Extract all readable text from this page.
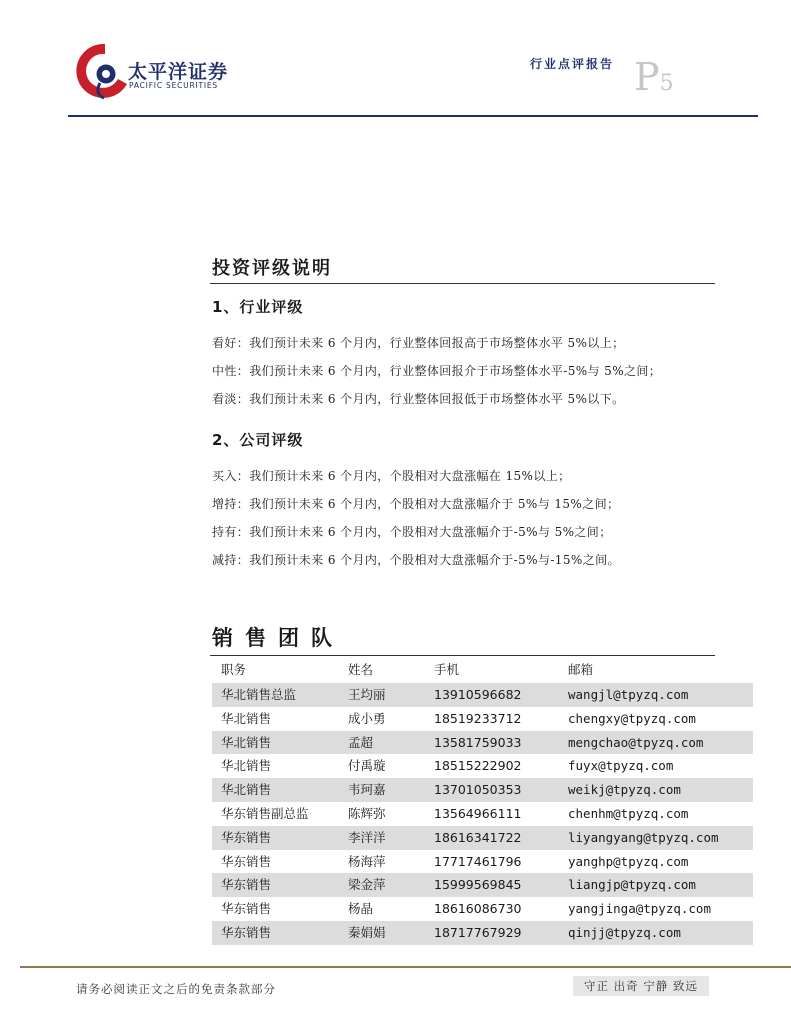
太平洋证券
PACIFIC SECURITIES
行业点评报告 P5
投资评级说明
1、行业评级
看好：我们预计未来 6 个月内，行业整体回报高于市场整体水平 5%以上；
中性：我们预计未来 6 个月内，行业整体回报介于市场整体水平-5%与 5%之间；
看淡：我们预计未来 6 个月内，行业整体回报低于市场整体水平 5%以下。
2、公司评级
买入：我们预计未来 6 个月内，个股相对大盘涨幅在 15%以上；
增持：我们预计未来 6 个月内，个股相对大盘涨幅介于 5%与 15%之间；
持有：我们预计未来 6 个月内，个股相对大盘涨幅介于-5%与 5%之间；
减持：我们预计未来 6 个月内，个股相对大盘涨幅介于-5%与-15%之间。
销售团队
职务	姓名	手机	邮箱
华北销售总监	王均丽	13910596682	wangjl@tpyzq.com
华北销售	成小勇	18519233712	chengxy@tpyzq.com
华北销售	孟超	13581759033	mengchao@tpyzq.com
华北销售	付禹璇	18515222902	fuyx@tpyzq.com
华北销售	韦珂嘉	13701050353	weikj@tpyzq.com
华东销售副总监	陈辉弥	13564966111	chenhm@tpyzq.com
华东销售	李洋洋	18616341722	liyangyang@tpyzq.com
华东销售	杨海萍	17717461796	yanghp@tpyzq.com
华东销售	梁金萍	15999569845	liangjp@tpyzq.com
华东销售	杨晶	18616086730	yangjinga@tpyzq.com
华东销售	秦娟娟	18717767929	qinjj@tpyzq.com
请务必阅读正文之后的免责条款部分	守正 出奇 宁静 致远
